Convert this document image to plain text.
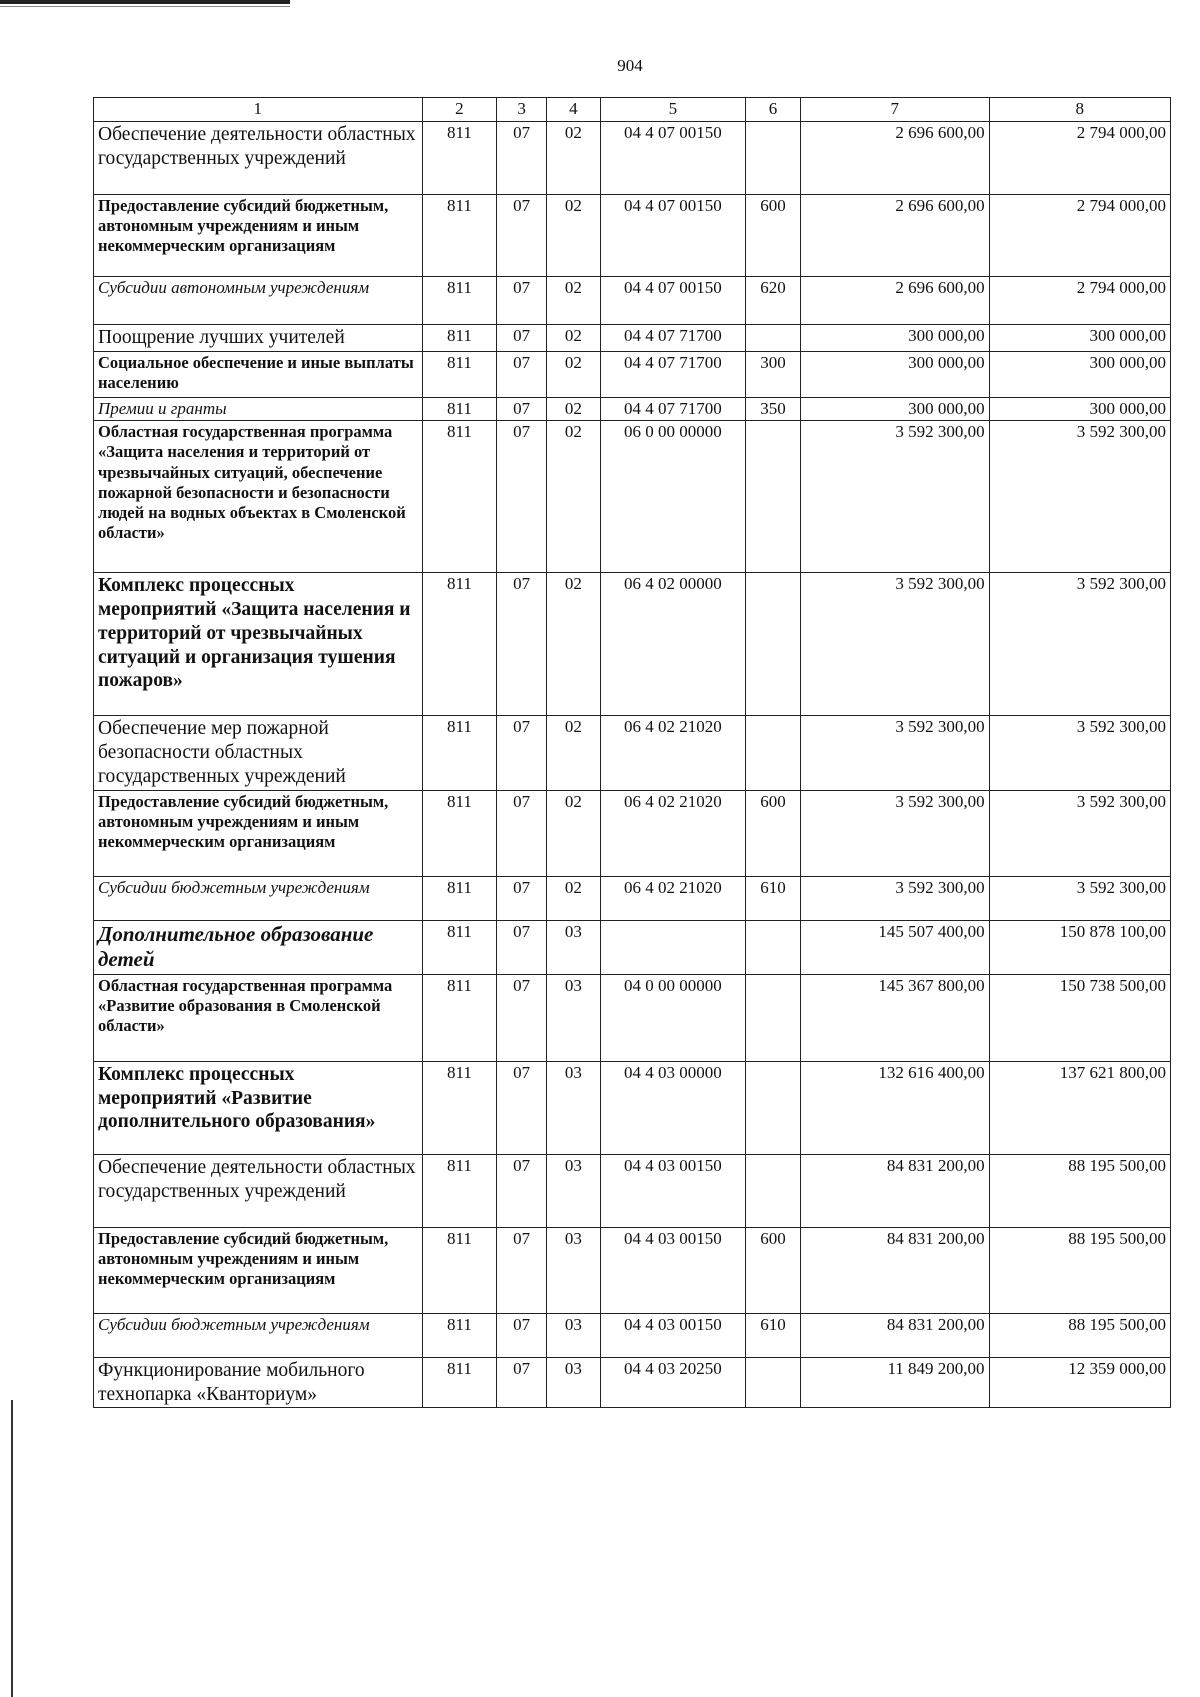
904
1	2	3	4	5	6	7	8
Обеспечение деятельности областных государственных учреждений	811	07	02	04 4 07 00150		2 696 600,00	2 794 000,00
Предоставление субсидий бюджетным, автономным учреждениям и иным некоммерческим организациям	811	07	02	04 4 07 00150	600	2 696 600,00	2 794 000,00
Субсидии автономным учреждениям	811	07	02	04 4 07 00150	620	2 696 600,00	2 794 000,00
Поощрение лучших учителей	811	07	02	04 4 07 71700		300 000,00	300 000,00
Социальное обеспечение и иные выплаты населению	811	07	02	04 4 07 71700	300	300 000,00	300 000,00
Премии и гранты	811	07	02	04 4 07 71700	350	300 000,00	300 000,00
Областная государственная программа «Защита населения и территорий от чрезвычайных ситуаций, обеспечение пожарной безопасности и безопасности людей на водных объектах в Смоленской области»	811	07	02	06 0 00 00000		3 592 300,00	3 592 300,00
Комплекс процессных мероприятий «Защита населения и территорий от чрезвычайных ситуаций и организация тушения пожаров»	811	07	02	06 4 02 00000		3 592 300,00	3 592 300,00
Обеспечение мер пожарной безопасности областных государственных учреждений	811	07	02	06 4 02 21020		3 592 300,00	3 592 300,00
Предоставление субсидий бюджетным, автономным учреждениям и иным некоммерческим организациям	811	07	02	06 4 02 21020	600	3 592 300,00	3 592 300,00
Субсидии бюджетным учреждениям	811	07	02	06 4 02 21020	610	3 592 300,00	3 592 300,00
Дополнительное образование детей	811	07	03			145 507 400,00	150 878 100,00
Областная государственная программа «Развитие образования в Смоленской области»	811	07	03	04 0 00 00000		145 367 800,00	150 738 500,00
Комплекс процессных мероприятий «Развитие дополнительного образования»	811	07	03	04 4 03 00000		132 616 400,00	137 621 800,00
Обеспечение деятельности областных государственных учреждений	811	07	03	04 4 03 00150		84 831 200,00	88 195 500,00
Предоставление субсидий бюджетным, автономным учреждениям и иным некоммерческим организациям	811	07	03	04 4 03 00150	600	84 831 200,00	88 195 500,00
Субсидии бюджетным учреждениям	811	07	03	04 4 03 00150	610	84 831 200,00	88 195 500,00
Функционирование мобильного технопарка «Кванториум»	811	07	03	04 4 03 20250		11 849 200,00	12 359 000,00
